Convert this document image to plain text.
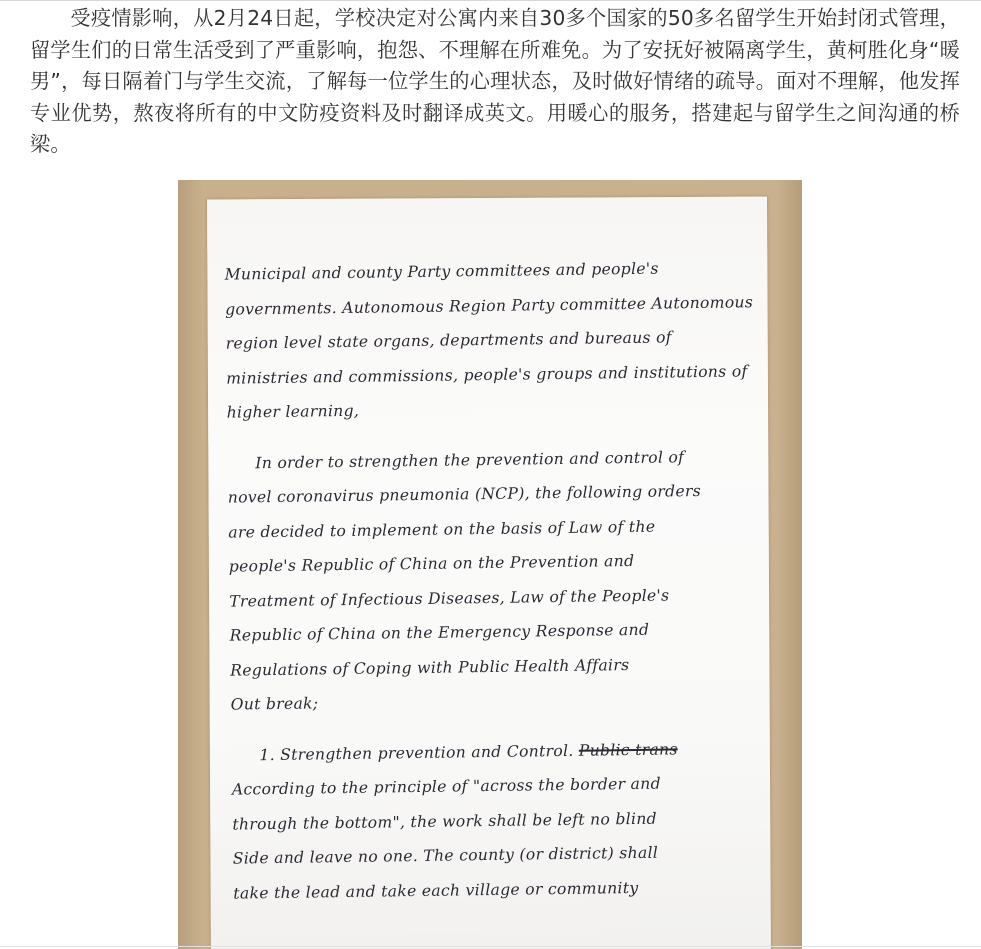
受疫情影响，从2月24日起，学校决定对公寓内来自30多个国家的50多名留学生开始封闭式管理，留学生们的日常生活受到了严重影响，抱怨、不理解在所难免。为了安抚好被隔离学生，黄柯胜化身“暖男”，每日隔着门与学生交流，了解每一位学生的心理状态，及时做好情绪的疏导。面对不理解，他发挥专业优势，熬夜将所有的中文防疫资料及时翻译成英文。用暖心的服务，搭建起与留学生之间沟通的桥梁。

Municipal and county Party committees and people's
governments. Autonomous Region Party committee Autonomous
region level state organs, departments and bureaus of
ministries and commissions, people's groups and institutions of
higher learning,
In order to strengthen the prevention and control of
novel coronavirus pneumonia (NCP), the following orders
are decided to implement on the basis of Law of the
people's Republic of China on the Prevention and
Treatment of Infectious Diseases, Law of the People's
Republic of China on the Emergency Response and
Regulations of Coping with Public Health Affairs
Out break;
1. Strengthen prevention and Control. Public trans
According to the principle of "across the border and
through the bottom", the work shall be left no blind
Side and leave no one. The county (or district) shall
take the lead and take each village or community
